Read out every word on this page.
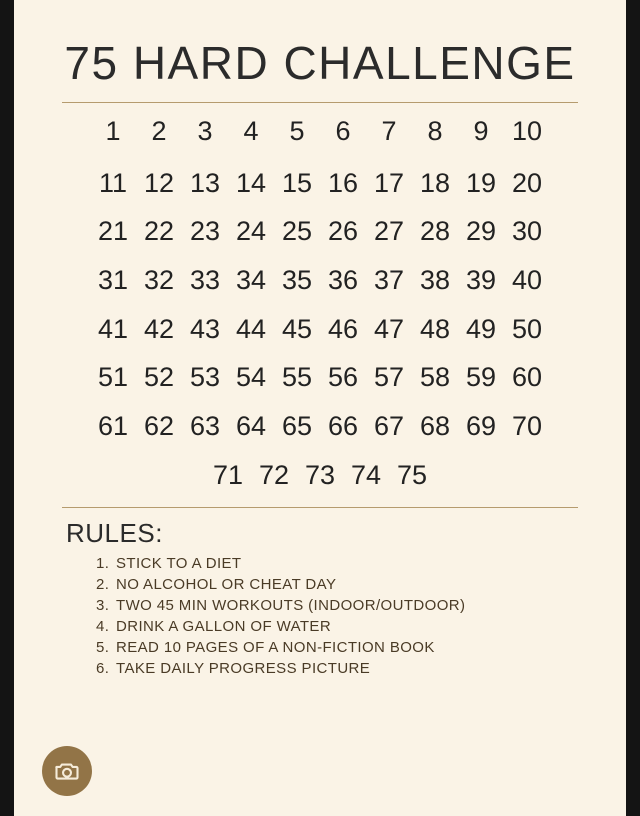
75 HARD CHALLENGE
1	2	3	4	5	6	7	8	9 10
11 12 13 14 15 16 17 18 19 20
21 22 23 24 25 26 27 28 29 30
31 32 33 34 35 36 37 38 39 40
41 42 43 44 45 46 47 48 49 50
51 52 53 54 55 56 57 58 59 60
61 62 63 64 65 66 67 68 69 70
71 72 73 74 75
RULES:
1. STICK TO A DIET
2. NO ALCOHOL OR CHEAT DAY
3. TWO 45 MIN WORKOUTS (INDOOR/OUTDOOR)
4. DRINK A GALLON OF WATER
5. READ 10 PAGES OF A NON-FICTION BOOK
6. TAKE DAILY PROGRESS PICTURE
